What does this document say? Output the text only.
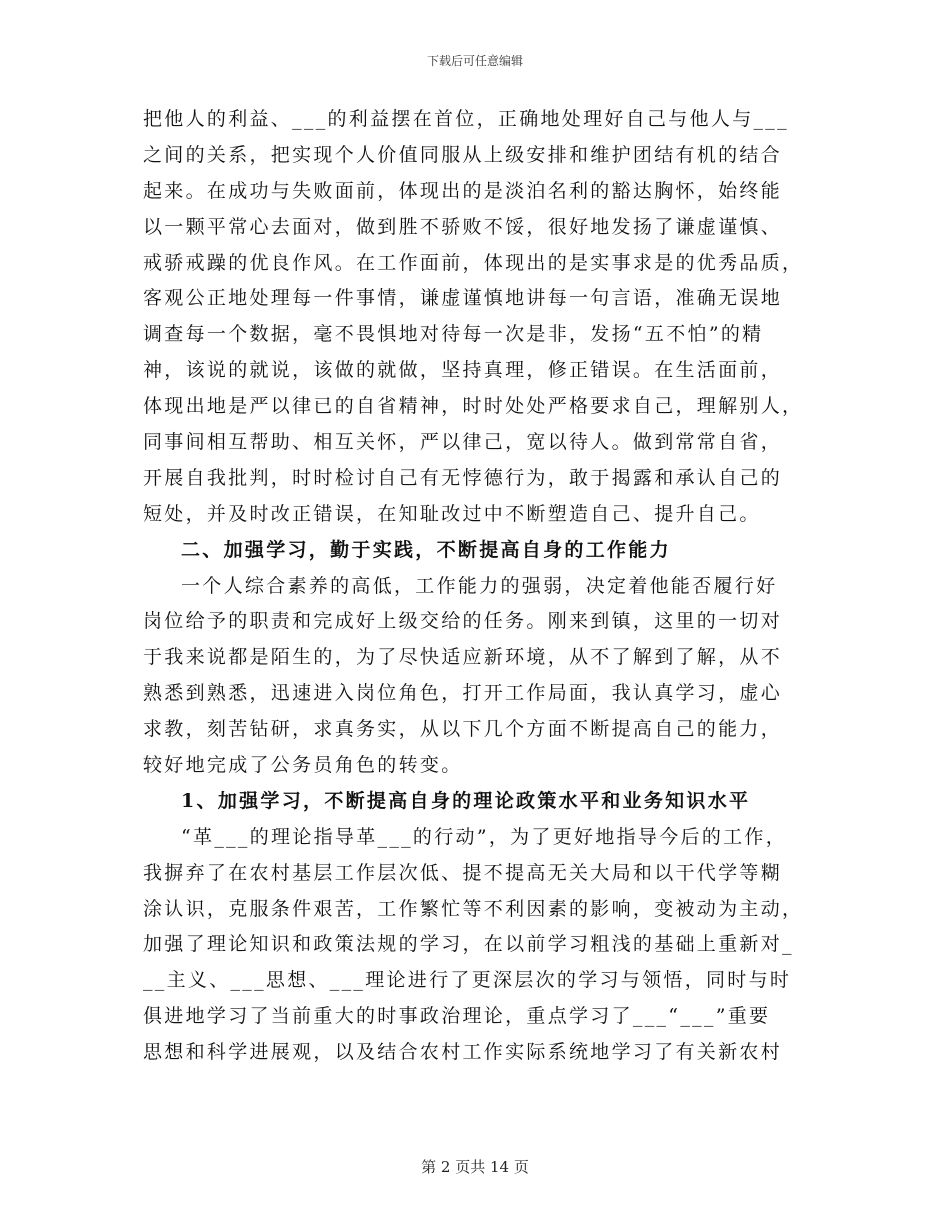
下载后可任意编辑
把他人的利益、___的利益摆在首位，正确地处理好自己与他人与___
之间的关系，把实现个人价值同服从上级安排和维护团结有机的结合
起来。在成功与失败面前，体现出的是淡泊名利的豁达胸怀，始终能
以一颗平常心去面对，做到胜不骄败不馁，很好地发扬了谦虚谨慎、
戒骄戒躁的优良作风。在工作面前，体现出的是实事求是的优秀品质，
客观公正地处理每一件事情，谦虚谨慎地讲每一句言语，准确无误地
调查每一个数据，毫不畏惧地对待每一次是非，发扬“五不怕”的精
神，该说的就说，该做的就做，坚持真理，修正错误。在生活面前，
体现出地是严以律已的自省精神，时时处处严格要求自己，理解别人，
同事间相互帮助、相互关怀，严以律己，宽以待人。做到常常自省，
开展自我批判，时时检讨自己有无悖德行为，敢于揭露和承认自己的
短处，并及时改正错误，在知耻改过中不断塑造自己、提升自己。
二、加强学习，勤于实践，不断提高自身的工作能力
一个人综合素养的高低，工作能力的强弱，决定着他能否履行好
岗位给予的职责和完成好上级交给的任务。刚来到镇，这里的一切对
于我来说都是陌生的，为了尽快适应新环境，从不了解到了解，从不
熟悉到熟悉，迅速进入岗位角色，打开工作局面，我认真学习，虚心
求教，刻苦钻研，求真务实，从以下几个方面不断提高自己的能力，
较好地完成了公务员角色的转变。
1、加强学习，不断提高自身的理论政策水平和业务知识水平
“革___的理论指导革___的行动”，为了更好地指导今后的工作，
我摒弃了在农村基层工作层次低、提不提高无关大局和以干代学等糊
涂认识，克服条件艰苦，工作繁忙等不利因素的影响，变被动为主动，
加强了理论知识和政策法规的学习，在以前学习粗浅的基础上重新对_
__主义、___思想、___理论进行了更深层次的学习与领悟，同时与时
俱进地学习了当前重大的时事政治理论，重点学习了___“___”重要
思想和科学进展观，以及结合农村工作实际系统地学习了有关新农村
第 2 页共 14 页
